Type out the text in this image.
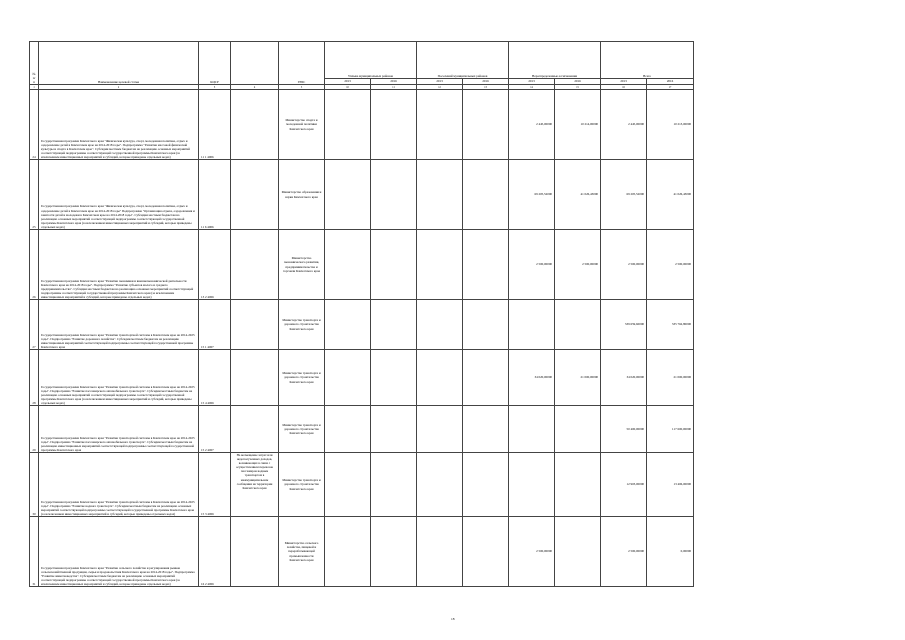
№ п/п	Наименование целевой статьи	КЦСР		ГРБС	Уплыва муниципальных районов		Поселений муниципальных районов		Нераспределенные ассигнования		Всего	
					2013	2016	2013	2016	2013	2016	2013	2016
1	2	3	4	5	10	11	12	13	14	15	16	17
24	Государственная программа Камчатского края "Физическая культура, спорт, молодежная политика, отдых и оздоровление детей в Камчатском крае на 2014-2018 годы". Подпрограмма "Развитие массовой физической культуры и спорта в Камчатском крае". Субсидии местным бюджетам на реализацию основных мероприятий соответствующей подпрограммы соответствующей государственной программы Камчатского края (за исключением инвестиционных мероприятий и субсидий, которые приведены отдельных кодах)	11 1 4006		Министерство спорта и молодежной политики Камчатского края					2 445,00000	10 214,00000	2 445,00000	10 213,00000
25	Государственная программа Камчатского края "Физическая культура, спорт, молодежная политика, отдых и оздоровление детей в Камчатском крае на 2014-2018 годы" Подпрограмма "Организация отдыха, оздоровления и занятости детей и молодежи в Камчатском крае на 2014-2018 годы". Субсидии местным бюджетам на реализацию основных мероприятий соответствующей подпрограммы соответствующей государственной программы Камчатского края (за исключением инвестиционных мероприятий и субсидий, которые приведены отдельных кодах)	11 6 4006		Министерство образования и науки Камчатского края					69 205,52000	41 026,43000	69 205,52000	41 026,43000
26	Государственная программа Камчатского края "Развитие экономики и внешнеэкономической деятельности Камчатского края на 2014-2018 годы". Подпрограмма "Развитие субъектов малого и среднего предпринимательства". Субсидии местным бюджетам на реализацию основных мероприятий соответствующей подпрограммы соответствующей государственной программы Камчатского края (за исключением инвестиционных мероприятий и субсидий, которые приведены отдельных кодах)	13 2 4006		Министерство экономического развития, предпринимательства и торговли Камчатского края					2 500,00000	2 500,00000	2 500,00000	2 500,00000
27	Государственная программа Камчатского края "Развитие транспортной системы в Камчатском крае на 2014-2025 годы". Подпрограмма "Развитие дорожного хозяйства". Субсидии местным бюджетам на реализацию инвестиционных мероприятий соответствующей подпрограммы соответствующей государственной программы Камчатского края	15 1 4007		Министерство транспорта и дорожного строительства Камчатского края							339 659,60000	335 762,80000
28	Государственная программа Камчатского края "Развитие транспортной системы в Камчатском крае на 2014-2025 годы". Подпрограмма "Развитие пассажирского автомобильного транспорта". Субсидии местным бюджетам на реализацию основных мероприятий соответствующей подпрограммы соответствующей государственной программы Камчатского края (за исключением инвестиционных мероприятий и субсидий, которые приведены отдельных кодах)	15 4 4006		Министерство транспорта и дорожного строительства Камчатского края					34 020,00000	21 000,00000	34 020,00000	21 000,00000
29	Государственная программа Камчатского края "Развитие транспортной системы в Камчатском крае на 2014-2025 годы". Подпрограмма "Развитие пассажирского автомобильного транспорта". Субсидии местным бюджетам на реализацию инвестиционных мероприятий соответствующей подпрограммы соответствующей государственной программы Камчатского края	15 2 4007		Министерство транспорта и дорожного строительства Камчатского края							50 400,00000	117 600,00000
30	Государственная программа Камчатского края "Развитие транспортной системы в Камчатском крае на 2014-2025 годы". Подпрограмма "Развитие водного транспорта". Субсидии местным бюджетам на реализацию основных мероприятий соответствующей подпрограммы соответствующей государственной программы Камчатского края (за исключением инвестиционных мероприятий и субсидий, которые приведены отдельных кодах)	15 3 4006	На возмещение затрат или недополученных доходов, возникающих в связи с осуществлением перевозок пассажиров водным транспортом в межмуниципальном сообщении на территории Камчатского края	Министерство транспорта и дорожного строительства Камчатского края							12 903,00000	13 406,00000
31	Государственная программа Камчатского края "Развитие сельского хозяйства и регулирования рынков сельскохозяйственной продукции, сырья и продовольствия Камчатского края на 2014-2018 годы". Подпрограмма "Развитие животноводства". Субсидии местным бюджетам на реализацию основных мероприятий соответствующей подпрограммы соответствующей государственной программы Камчатского края (за исключением инвестиционных мероприятий и субсидий, которые приведены отдельных кодах)	16 2 4006		Министерство сельского хозяйства, пищевой и перерабатывающей промышленности Камчатского края					2 500,00000		2 500,00000	0,00000
18
